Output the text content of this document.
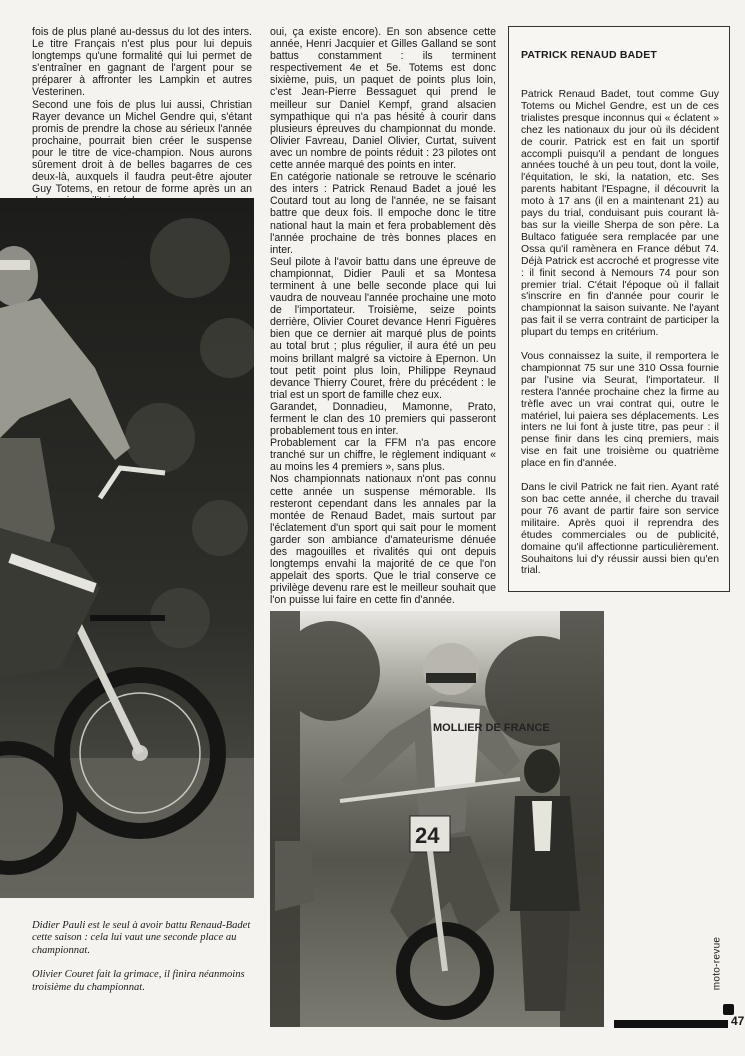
fois de plus plané au-dessus du lot des inters. Le titre Français n'est plus pour lui depuis longtemps qu'une formalité qui lui permet de s'entraîner en gagnant de l'argent pour se préparer à affronter les Lampkin et autres Vesterinen.

Second une fois de plus lui aussi, Christian Rayer devance un Michel Gendre qui, s'étant promis de prendre la chose au sérieux l'année prochaine, pourrait bien créer le suspense pour le titre de vice-champion. Nous aurons sûrement droit à de belles bagarres de ces deux-là, auxquels il faudra peut-être ajouter Guy Totems, en retour de forme après un an

oui, ça existe encore). En son absence cette année, Henri Jacquier et Gilles Galland se sont battus constamment : ils terminent respectivement 4e et 5e. Totems est donc sixième, puis, un paquet de points plus loin, c'est Jean-Pierre Bessaguet qui prend le meilleur sur Daniel Kempf, grand alsacien sympathique qui n'a pas hésité à courir dans plusieurs épreuves du championnat du monde. Olivier Favreau, Daniel Olivier, Curtat, suivent avec un nombre de points réduit : 23 pilotes ont cette année marqué des points en inter.

En catégorie nationale se retrouve le scénario des inters : Patrick Renaud Badet a joué les Coutard tout au long de l'année, ne se faisant battre que deux fois. Il empoche donc le titre national haut la main et fera probablement dès l'année prochaine de très bonnes places en inter.

Seul pilote à l'avoir battu dans une épreuve de championnat, Didier Pauli et sa Montesa terminent à une belle seconde place qui lui vaudra de nouveau l'année prochaine une moto de l'importateur. Troisième, seize points derrière, Olivier Couret devance Henri Figuères bien que ce dernier ait marqué plus de points au total brut ; plus régulier, il aura été un peu moins brillant malgré sa victoire à Epernon. Un tout petit point plus loin, Philippe Reynaud devance Thierry Couret, frère du précédent : le trial est un sport de famille chez eux.

Garandet, Donnadieu, Mamonne, Prato, ferment le clan des 10 premiers qui passeront probablement tous en inter.

Probablement car la FFM n'a pas encore tranché sur un chiffre, le règlement indiquant « au moins les 4 premiers », sans plus.

Nos championnats nationaux n'ont pas connu cette année un suspense mémorable. Ils resteront cependant dans les annales par la montée de Renaud Badet, mais surtout par l'éclatement d'un sport qui sait pour le moment garder son ambiance d'amateurisme dénuée des magouilles et rivalités qui ont depuis longtemps envahi la majorité de ce que l'on appelait des sports. Que le trial conserve ce privilège devenu rare est le meilleur souhait que l'on puisse lui faire en cette fin d'année.

PATRICK RENAUD BADET

Patrick Renaud Badet, tout comme Guy Totems ou Michel Gendre, est un de ces trialistes presque inconnus qui « éclatent » chez les nationaux du jour où ils décident de courir. Patrick est en fait un sportif accompli puisqu'il a pendant de longues années touché à un peu tout, dont la voile, l'équitation, le ski, la natation, etc. Ses parents habitant l'Espagne, il découvrit la moto à 17 ans (il en a maintenant 21) au pays du trial, conduisant puis courant là-bas sur la vieille Sherpa de son père. La Bultaco fatiguée sera remplacée par une Ossa qu'il ramènera en France début 74. Déjà Patrick est accroché et progresse vite : il finit second à Nemours 74 pour son premier trial. C'était l'époque où il fallait s'inscrire en fin d'année pour courir le championnat la saison suivante. Ne l'ayant pas fait il se verra contraint de participer la plupart du temps en critérium.

Vous connaissez la suite, il remportera le championnat 75 sur une 310 Ossa fournie par l'usine via Seurat, l'importateur. Il restera l'année prochaine chez la firme au trèfle avec un vrai contrat qui, outre le matériel, lui paiera ses déplacements. Les inters ne lui font à juste titre, pas peur : il pense finir dans les cinq premiers, mais vise en fait une troisième ou quatrième place en fin d'année.

Dans le civil Patrick ne fait rien. Ayant raté son bac cette année, il cherche du travail pour 76 avant de partir faire son service militaire. Après quoi il reprendra des études commerciales ou de publicité, domaine qu'il affectionne particulièrement. Souhaitons lui d'y réussir aussi bien qu'en trial.

MOLLIER DE FRANCE
24

Didier Pauli est le seul à avoir battu Renaud-Badet cette saison : cela lui vaut une seconde place au championnat.

Olivier Couret fait la grimace, il finira néanmoins troisième du championnat.	moto-revue
47
